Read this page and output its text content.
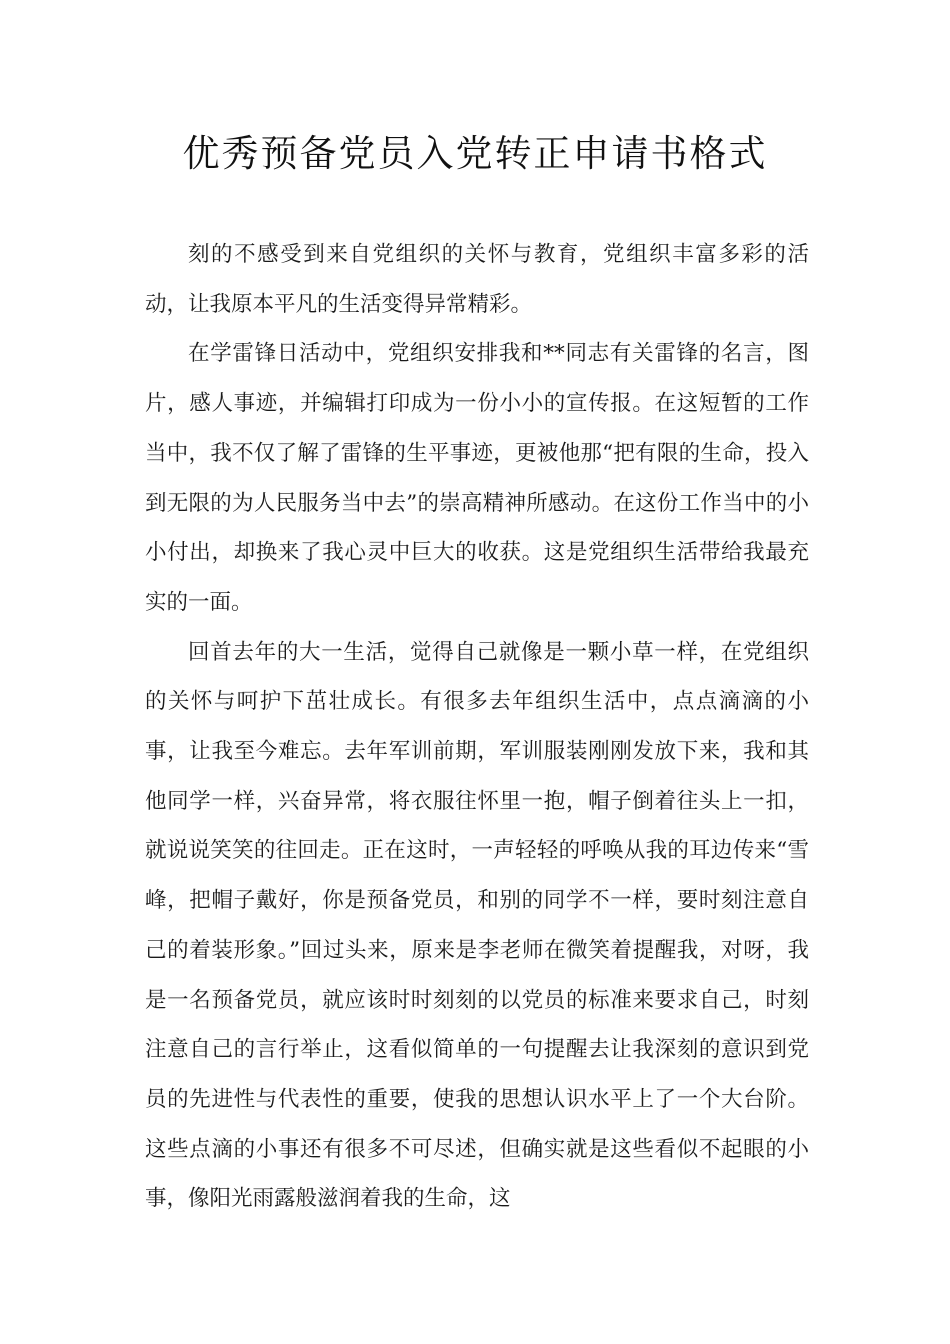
优秀预备党员入党转正申请书格式

刻的不感受到来自党组织的关怀与教育，党组织丰富多彩的活动，让我原本平凡的生活变得异常精彩。

在学雷锋日活动中，党组织安排我和**同志有关雷锋的名言，图片，感人事迹，并编辑打印成为一份小小的宣传报。在这短暂的工作当中，我不仅了解了雷锋的生平事迹，更被他那“把有限的生命，投入到无限的为人民服务当中去”的崇高精神所感动。在这份工作当中的小小付出，却换来了我心灵中巨大的收获。这是党组织生活带给我最充实的一面。

回首去年的大一生活，觉得自己就像是一颗小草一样，在党组织的关怀与呵护下茁壮成长。有很多去年组织生活中，点点滴滴的小事，让我至今难忘。去年军训前期，军训服装刚刚发放下来，我和其他同学一样，兴奋异常，将衣服往怀里一抱，帽子倒着往头上一扣，就说说笑笑的往回走。正在这时，一声轻轻的呼唤从我的耳边传来“雪峰，把帽子戴好，你是预备党员，和别的同学不一样，要时刻注意自己的着装形象。”回过头来，原来是李老师在微笑着提醒我，对呀，我是一名预备党员，就应该时时刻刻的以党员的标准来要求自己，时刻注意自己的言行举止，这看似简单的一句提醒去让我深刻的意识到党员的先进性与代表性的重要，使我的思想认识水平上了一个大台阶。这些点滴的小事还有很多不可尽述，但确实就是这些看似不起眼的小事，像阳光雨露般滋润着我的生命，这
